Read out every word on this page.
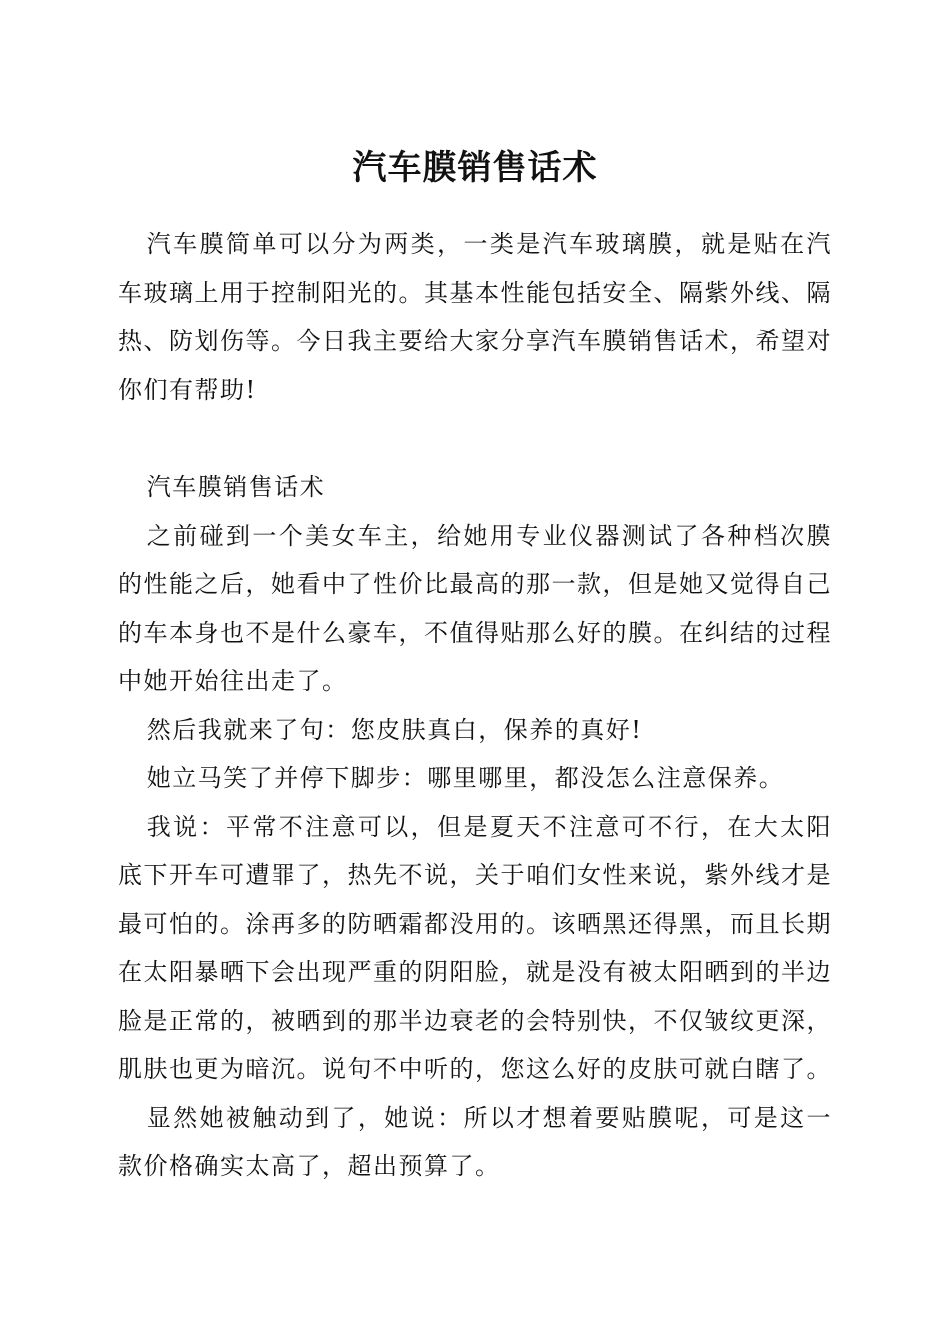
汽车膜销售话术

汽车膜简单可以分为两类，一类是汽车玻璃膜，就是贴在汽车玻璃上用于控制阳光的。其基本性能包括安全、隔紫外线、隔热、防划伤等。今日我主要给大家分享汽车膜销售话术，希望对你们有帮助!

汽车膜销售话术

之前碰到一个美女车主，给她用专业仪器测试了各种档次膜的性能之后，她看中了性价比最高的那一款，但是她又觉得自己的车本身也不是什么豪车，不值得贴那么好的膜。在纠结的过程中她开始往出走了。

然后我就来了句：您皮肤真白，保养的真好!

她立马笑了并停下脚步：哪里哪里，都没怎么注意保养。

我说：平常不注意可以，但是夏天不注意可不行，在大太阳底下开车可遭罪了，热先不说，关于咱们女性来说，紫外线才是最可怕的。涂再多的防晒霜都没用的。该晒黑还得黑，而且长期在太阳暴晒下会出现严重的阴阳脸，就是没有被太阳晒到的半边脸是正常的，被晒到的那半边衰老的会特别快，不仅皱纹更深，肌肤也更为暗沉。说句不中听的，您这么好的皮肤可就白瞎了。

显然她被触动到了，她说：所以才想着要贴膜呢，可是这一款价格确实太高了，超出预算了。
